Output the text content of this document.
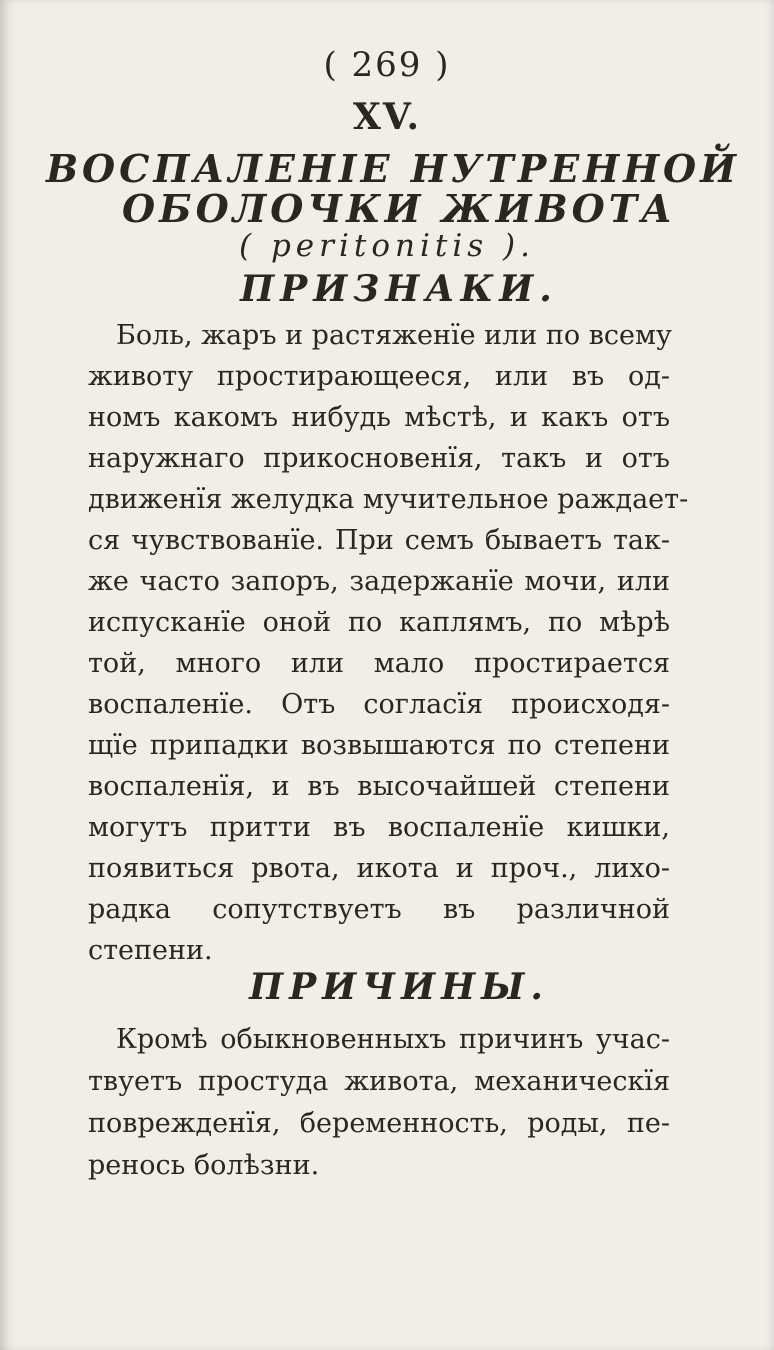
( 269 )
XV.
ВОСПАЛЕНІЕ НУТРЕННОЙ
ОБОЛОЧКИ ЖИВОТА
( peritonitis ).
ПРИЗНАКИ.
Боль, жаръ и растяженїе или по всему
животу простирающееся, или въ од-
номъ какомъ нибудь мѣстѣ, и какъ отъ
наружнаго прикосновенїя, такъ и отъ
движенїя желудка мучительное раждает-
ся чувствованїе. При семъ бываетъ так-
же часто запоръ, задержанїе мочи, или
испусканїе оной по каплямъ, по мѣрѣ
той, много или мало простирается
воспаленїе. Отъ согласїя происходя-
щїе припадки возвышаются по степени
воспаленїя, и въ высочайшей степени
могутъ притти въ воспаленїе кишки,
появиться рвота, икота и проч., лихо-
радка сопутствуетъ въ различной
степени.
ПРИЧИНЫ.
Кромѣ обыкновенныхъ причинъ учас-
твуетъ простуда живота, механическїя
поврежденїя, беременность, роды, пе-
ренось болѣзни.
